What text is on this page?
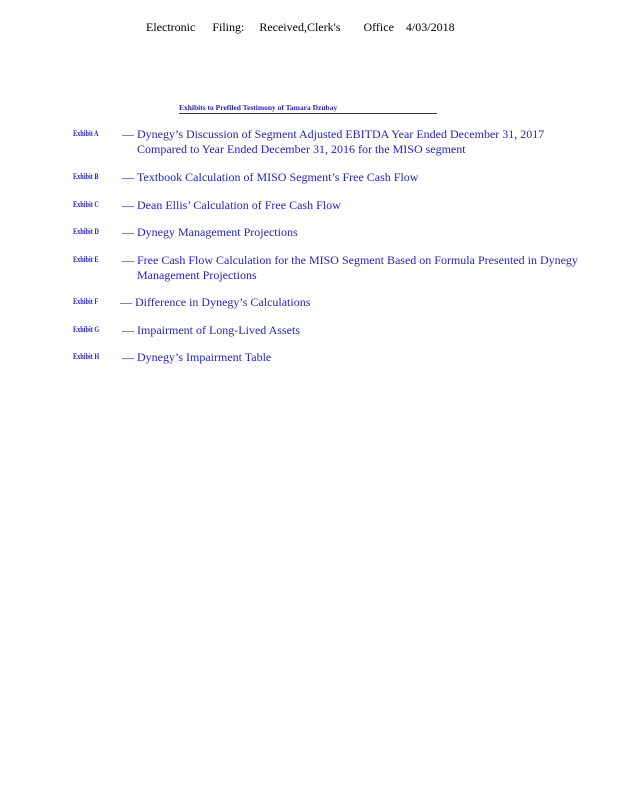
Electronic Filing: Received,Clerk's Office 4/03/2018
Exhibits to Prefiled Testimony of Tamara Dzubay
Exhibit A — Dynegy’s Discussion of Segment Adjusted EBITDA Year Ended December 31, 2017 Compared to Year Ended December 31, 2016 for the MISO segment
Exhibit B — Textbook Calculation of MISO Segment’s Free Cash Flow
Exhibit C — Dean Ellis’ Calculation of Free Cash Flow
Exhibit D — Dynegy Management Projections
Exhibit E — Free Cash Flow Calculation for the MISO Segment Based on Formula Presented in Dynegy Management Projections
Exhibit F — Difference in Dynegy’s Calculations
Exhibit G — Impairment of Long-Lived Assets
Exhibit H — Dynegy’s Impairment Table
